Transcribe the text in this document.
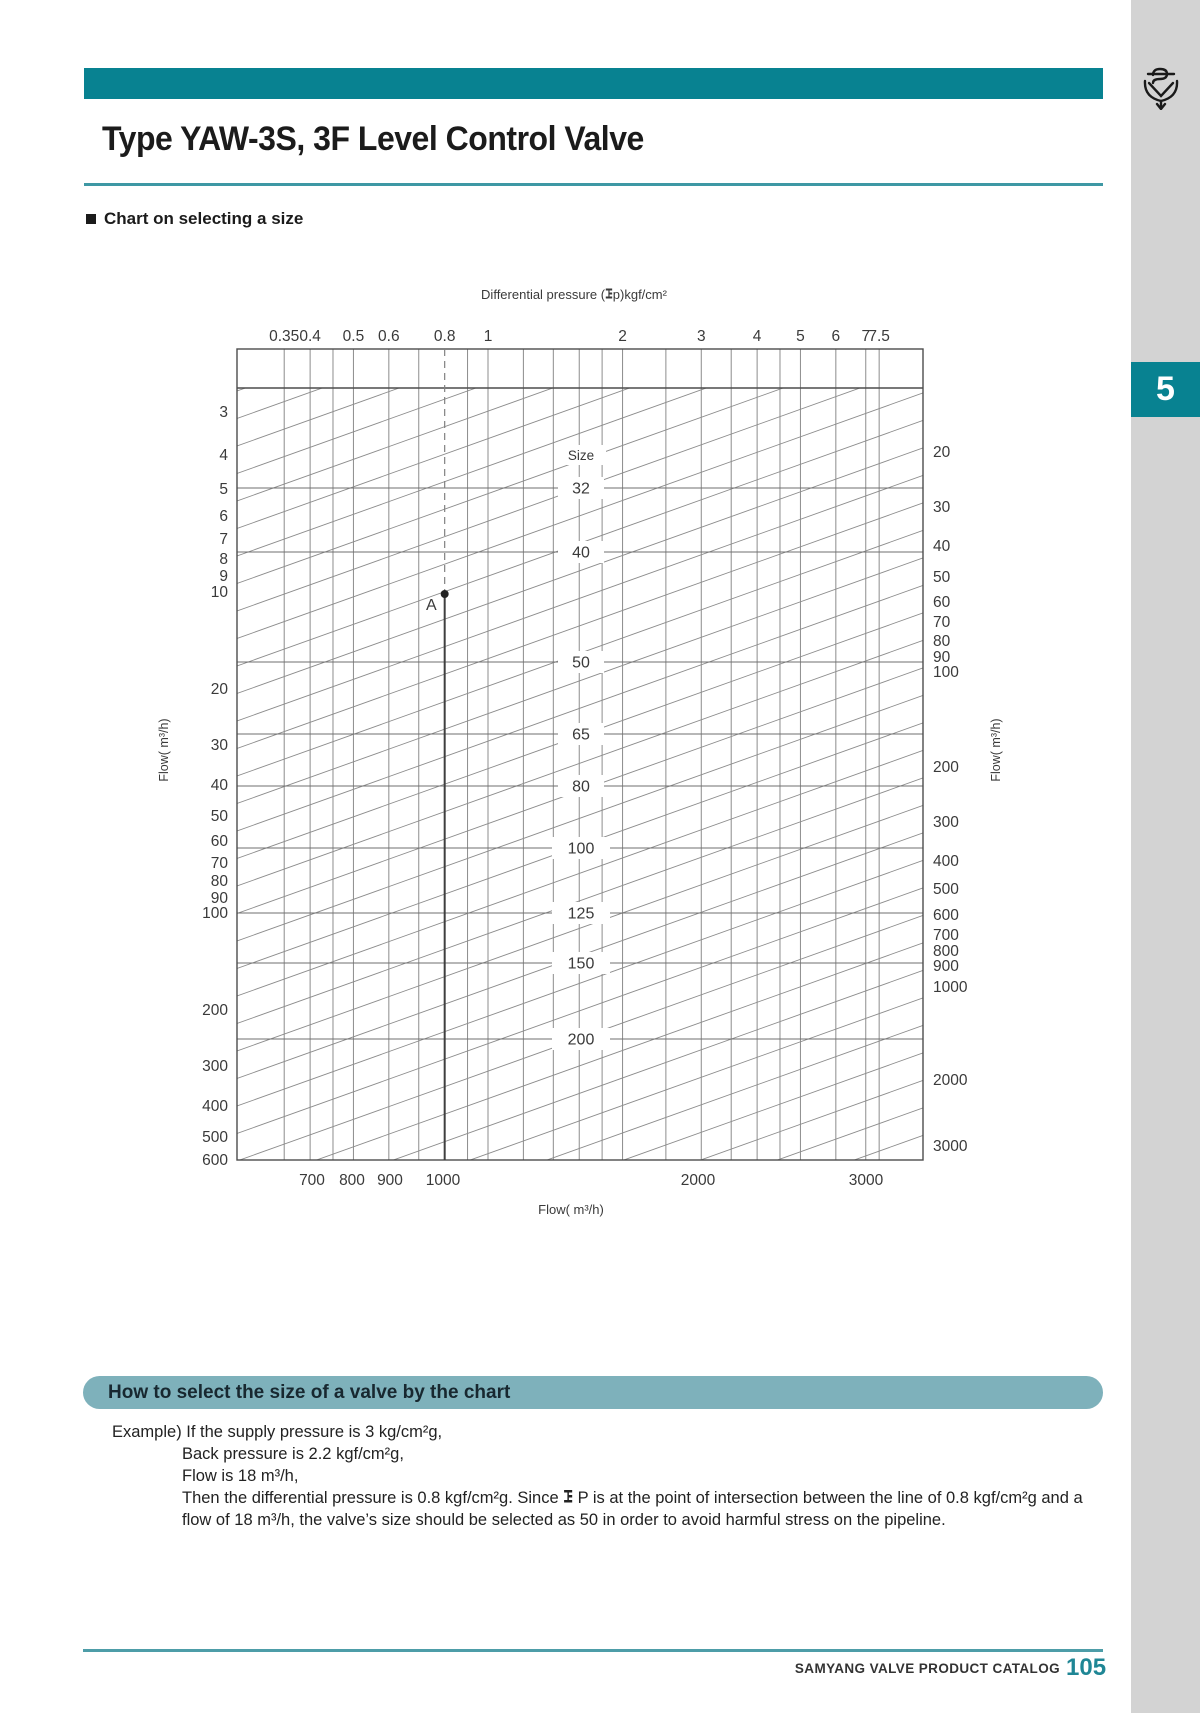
Type YAW-3S, 3F Level Control Valve
Chart on selecting a size
5
Size
32
40
50
65
80
100
125
150
200
0.35 0.4 0.5 0.6 0.8 1	2	3	4 5 6 7
7.5
Differential pressure (⯿p)kgf/cm²
3
4
5
6
7
8
9
10
20
30
40
50
60
70
80
90
100
200
300
400
500
600
Flow( m³/h)
20
30
40
50
60
70
80
90
100
200
300
400
500
600
700
800
900
1000
2000
3000
Flow( m³/h)
700 800 900 1000	2000	3000
Flow( m³/h)
A
How to select the size of a valve by the chart
Example) If the supply pressure is 3 kg/cm²g,
Back pressure is 2.2 kgf/cm²g,
Flow is 18 m³/h,
Then the differential pressure is 0.8 kgf/cm²g. Since ⯿ P is at the point of intersection between the line of 0.8 kgf/cm²g and a
flow of 18 m³/h, the valve’s size should be selected as 50 in order to avoid harmful stress on the pipeline.
SAMYANG VALVE PRODUCT CATALOG 105
